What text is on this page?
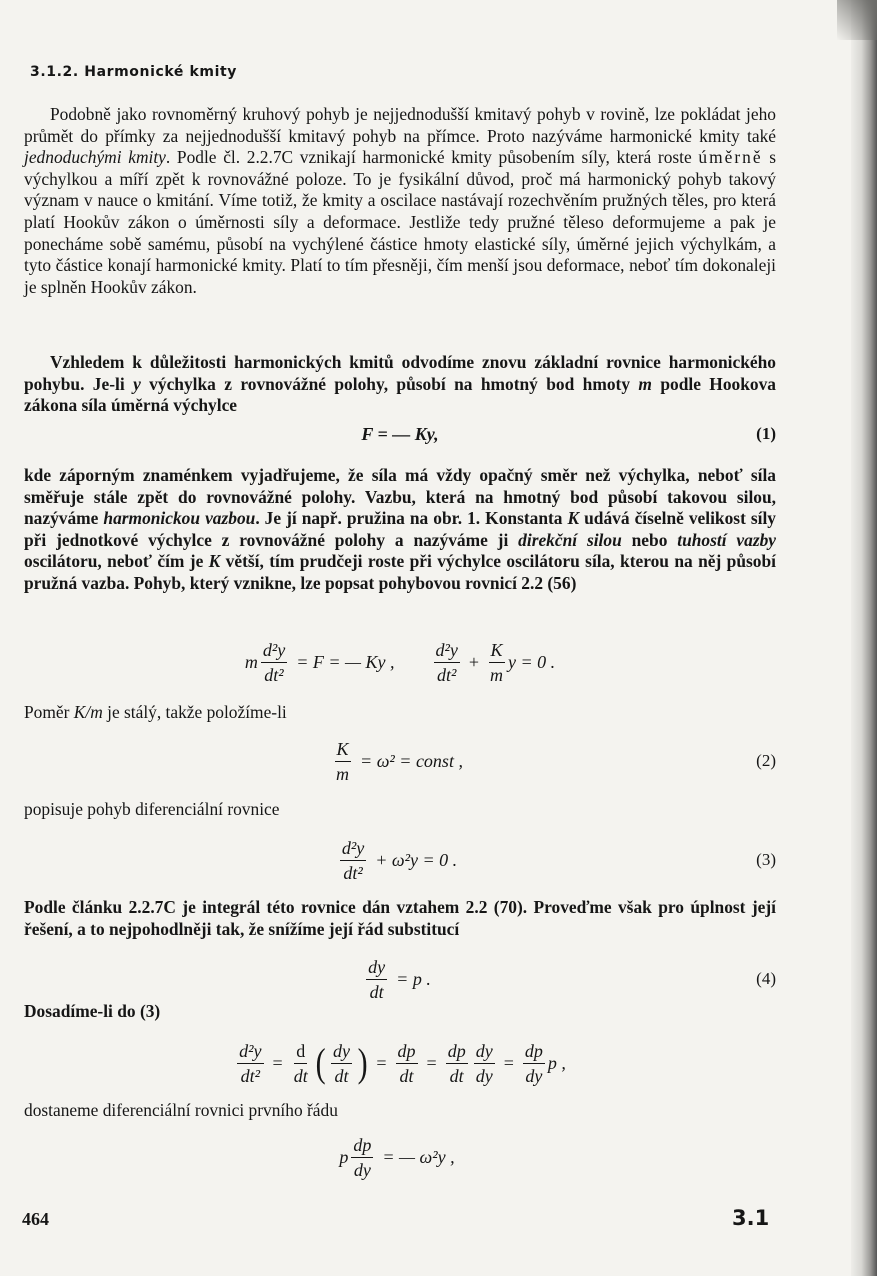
3.1.2. Harmonické kmity

Podobně jako rovnoměrný kruhový pohyb je nejjednodušší kmitavý pohyb v rovině, lze pokládat jeho průmět do přímky za nejjednodušší kmitavý pohyb na přímce. Proto nazýváme harmonické kmity také jednoduchými kmity. Podle čl. 2.2.7C vznikají harmonické kmity působením síly, která roste úměrně s výchylkou a míří zpět k rovnovážné poloze. To je fysikální důvod, proč má harmonický pohyb takový význam v nauce o kmitání. Víme totiž, že kmity a oscilace nastávají rozechvěním pružných těles, pro která platí Hookův zákon o úměrnosti síly a deformace. Jestliže tedy pružné těleso deformujeme a pak je ponecháme sobě samému, působí na vychýlené částice hmoty elastické síly, úměrné jejich výchylkám, a tyto částice konají harmonické kmity. Platí to tím přesněji, čím menší jsou deformace, neboť tím dokonaleji je splněn Hookův zákon.

Vzhledem k důležitosti harmonických kmitů odvodíme znovu základní rovnice harmonického pohybu. Je-li y výchylka z rovnovážné polohy, působí na hmotný bod hmoty m podle Hookova zákona síla úměrná výchylce

F = — Ky,	(1)

kde záporným znaménkem vyjadřujeme, že síla má vždy opačný směr než výchylka, neboť síla směřuje stále zpět do rovnovážné polohy. Vazbu, která na hmotný bod působí takovou silou, nazýváme harmonickou vazbou. Je jí např. pružina na obr. 1. Konstanta K udává číselně velikost síly při jednotkové výchylce z rovnovážné polohy a nazýváme ji direkční silou nebo tuhostí vazby oscilátoru, neboť čím je K větší, tím prudčeji roste při výchylce oscilátoru síla, kterou na něj působí pružná vazba. Pohyb, který vznikne, lze popsat pohybovou rovnicí 2.2 (56)

m $\frac{\text{d²y}}{\text{dt²}} = F$ = — Ky , $\frac{\text{d²y}}{\text{dt²}} + \frac{K}{m}$ y = 0 .

Poměr K/m je stálý, takže položíme-li

$\frac{K}{m} = \omega^2$ = const ,	(2)

popisuje pohyb diferenciální rovnice

$\frac{\text{d²y}}{\text{dt²}} + \omega^2y = 0$ .	(3)

Podle článku 2.2.7C je integrál této rovnice dán vztahem 2.2 (70). Proveďme však pro úplnost její řešení, a to nejpohodlněji tak, že snížíme její řád substitucí

$\frac{dy}{dt} = p$ .	(4)

Dosadíme-li do (3)

$\frac{\text{d²y}}{\text{dt²}} = \frac{d}{dt}$ ( $\frac{dy}{dt}$ ) = $\frac{dp}{dt} = \frac{dp}{dt} \frac{dy}{dy} = \frac{dp}{dy}$ p ,

dostaneme diferenciální rovnici prvního řádu

p $\frac{dp}{dy}$ = — ω²y ,
464	3.1
